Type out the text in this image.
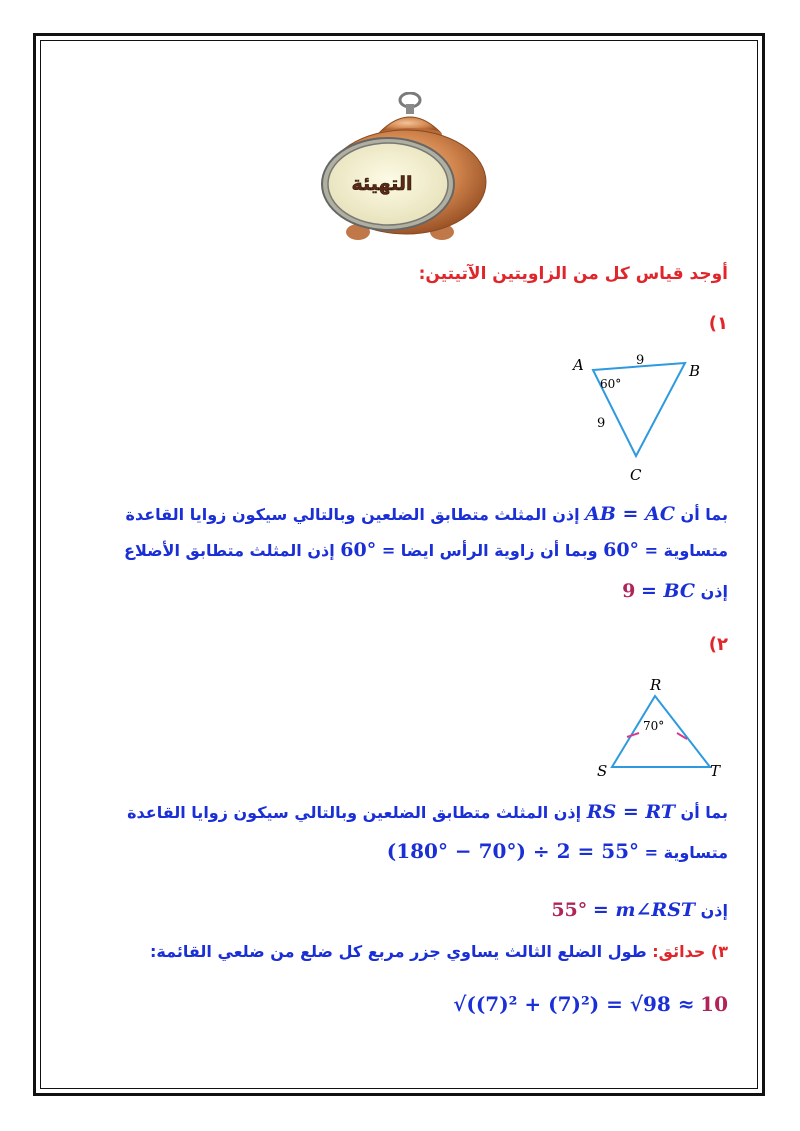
التهيئة
أوجد قياس كل من الزاويتين الآتيتين:
١)
A	B
C
9
9
60°
بما أن AB = AC إذن المثلث متطابق الضلعين وبالتالي سيكون زوايا القاعدة
متساوية = 60° وبما أن زاوية الرأس ايضا = 60° إذن المثلث متطابق الأضلاع
إذن 9 = BC
٢)
R
S	T
70°
بما أن RS = RT إذن المثلث متطابق الضلعين وبالتالي سيكون زوايا القاعدة
متساوية = (180° − 70°) ÷ 2 = 55°
إذن 55° = m∠RST
٣) حدائق: طول الضلع الثالث يساوي جزر مربع كل ضلع من ضلعي القائمة:
√((7)² + (7)²) = √98 ≈ 10
